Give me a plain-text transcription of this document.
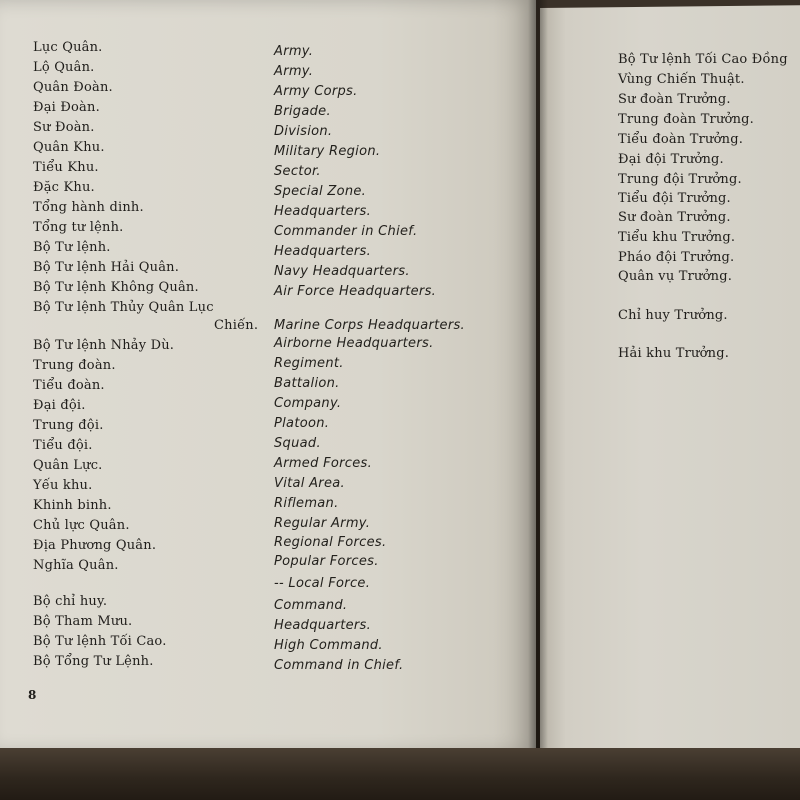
Lục Quân.
Lộ Quân.
Quân Đoàn.
Đại Đoàn.
Sư Đoàn.
Quân Khu.
Tiểu Khu.
Đặc Khu.
Tổng hành dinh.
Tổng tư lệnh.
Bộ Tư lệnh.
Bộ Tư lệnh Hải Quân.
Bộ Tư lệnh Không Quân.
Bộ Tư lệnh Thủy Quân Lục
Chiến.
Bộ Tư lệnh Nhảy Dù.
Trung đoàn.
Tiểu đoàn.
Đại đội.
Trung đội.
Tiểu đội.
Quân Lực.
Yếu khu.
Khinh binh.
Chủ lực Quân.
Địa Phương Quân.
Nghĩa Quân.
Bộ chỉ huy.
Bộ Tham Mưu.
Bộ Tư lệnh Tối Cao.
Bộ Tổng Tư Lệnh.
Army.
Army.
Army Corps.
Brigade.
Division.
Military Region.
Sector.
Special Zone.
Headquarters.
Commander in Chief.
Headquarters.
Navy Headquarters.
Air Force Headquarters.
Marine Corps Headquarters.
Airborne Headquarters.
Regiment.
Battalion.
Company.
Platoon.
Squad.
Armed Forces.
Vital Area.
Rifleman.
Regular Army.
Regional Forces.
Popular Forces.
-- Local Force.
Command.
Headquarters.
High Command.
Command in Chief.
8
Bộ Tư lệnh Tối Cao Đồng
Vùng Chiến Thuật.
Sư đoàn Trưởng.
Trung đoàn Trưởng.
Tiểu đoàn Trưởng.
Đại đội Trưởng.
Trung đội Trưởng.
Tiểu đội Trưởng.
Sư đoàn Trưởng.
Tiểu khu Trưởng.
Pháo đội Trưởng.
Quân vụ Trưởng.
Chỉ huy Trưởng.
Hải khu Trưởng.
